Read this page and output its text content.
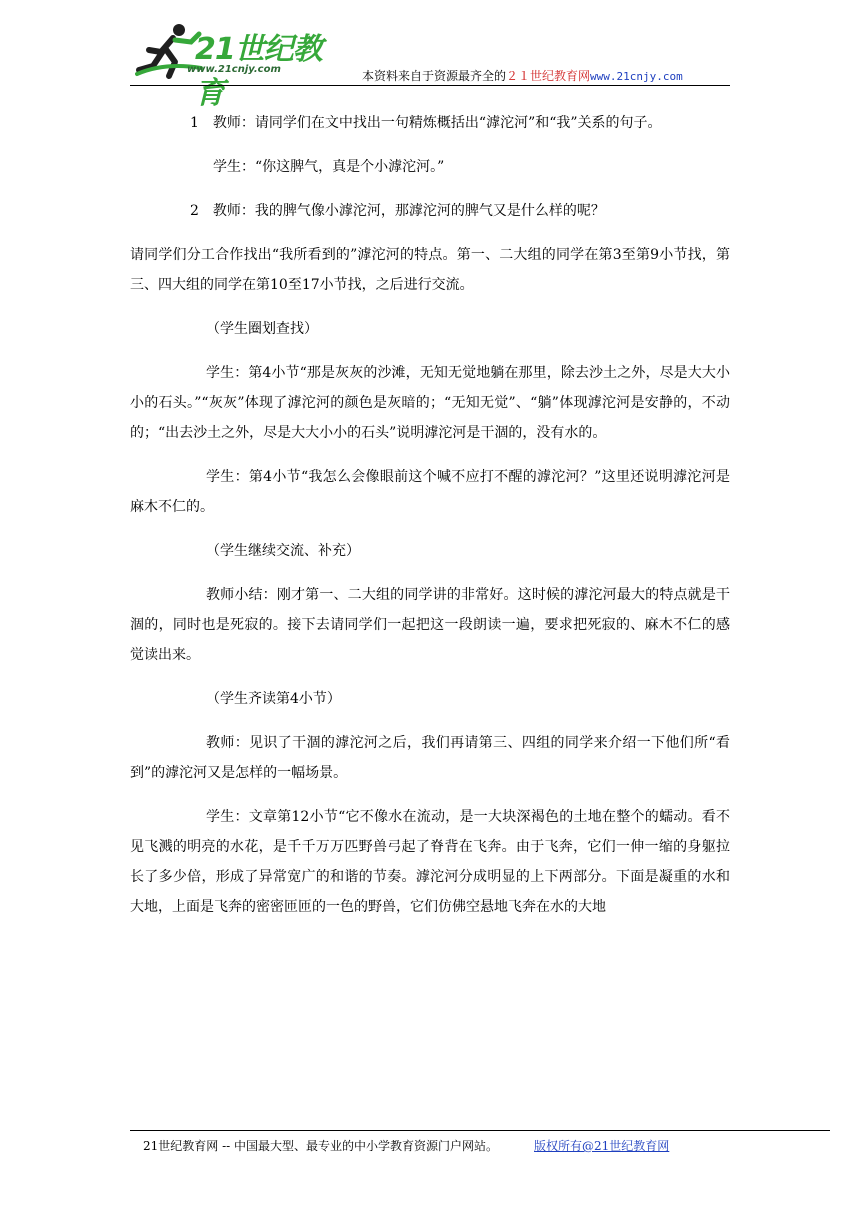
21世纪教育
www.21cnjy.com	本资料来自于资源最齐全的２１世纪教育网www.21cnjy.com

1　教师：请同学们在文中找出一句精炼概括出“滹沱河”和“我”关系的句子。

学生：“你这脾气，真是个小滹沱河。”

2　教师：我的脾气像小滹沱河，那滹沱河的脾气又是什么样的呢？

请同学们分工合作找出“我所看到的”滹沱河的特点。第一、二大组的同学在第3至第9小节找，第三、四大组的同学在第10至17小节找，之后进行交流。

（学生圈划查找）

学生：第4小节“那是灰灰的沙滩，无知无觉地躺在那里，除去沙土之外，尽是大大小小的石头。”“灰灰”体现了滹沱河的颜色是灰暗的；“无知无觉”、“躺”体现滹沱河是安静的，不动的；“出去沙土之外，尽是大大小小的石头”说明滹沱河是干涸的，没有水的。

学生：第4小节“我怎么会像眼前这个喊不应打不醒的滹沱河？”这里还说明滹沱河是麻木不仁的。

（学生继续交流、补充）

教师小结：刚才第一、二大组的同学讲的非常好。这时候的滹沱河最大的特点就是干涸的，同时也是死寂的。接下去请同学们一起把这一段朗读一遍，要求把死寂的、麻木不仁的感觉读出来。

（学生齐读第4小节）

教师：见识了干涸的滹沱河之后，我们再请第三、四组的同学来介绍一下他们所“看到”的滹沱河又是怎样的一幅场景。

学生：文章第12小节“它不像水在流动，是一大块深褐色的土地在整个的蠕动。看不见飞溅的明亮的水花，是千千万万匹野兽弓起了脊背在飞奔。由于飞奔，它们一伸一缩的身躯拉长了多少倍，形成了异常宽广的和谐的节奏。滹沱河分成明显的上下两部分。下面是凝重的水和大地，上面是飞奔的密密匝匝的一色的野兽，它们仿佛空悬地飞奔在水的大地

21世纪教育网 -- 中国最大型、最专业的中小学教育资源门户网站。	版权所有@21世纪教育网
